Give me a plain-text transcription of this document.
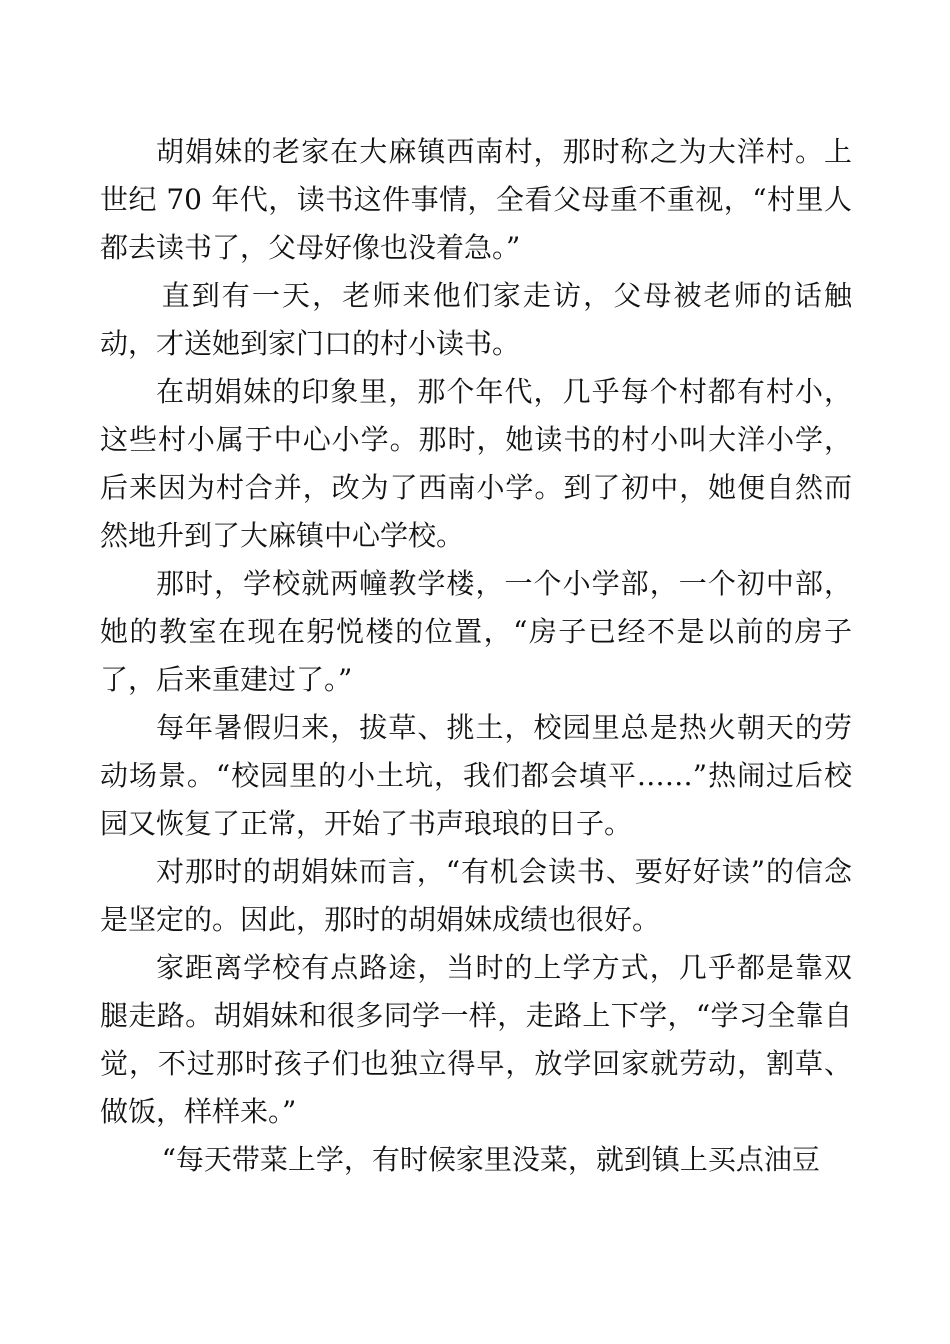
胡娟妹的老家在大麻镇西南村，那时称之为大洋村。上世纪 70 年代，读书这件事情，全看父母重不重视，“村里人都去读书了，父母好像也没着急。”

直到有一天，老师来他们家走访，父母被老师的话触动，才送她到家门口的村小读书。

在胡娟妹的印象里，那个年代，几乎每个村都有村小，这些村小属于中心小学。那时，她读书的村小叫大洋小学，后来因为村合并，改为了西南小学。到了初中，她便自然而然地升到了大麻镇中心学校。

那时，学校就两幢教学楼，一个小学部，一个初中部，她的教室在现在躬悦楼的位置，“房子已经不是以前的房子了，后来重建过了。”

每年暑假归来，拔草、挑土，校园里总是热火朝天的劳动场景。“校园里的小土坑，我们都会填平……”热闹过后校园又恢复了正常，开始了书声琅琅的日子。

对那时的胡娟妹而言，“有机会读书、要好好读”的信念是坚定的。因此，那时的胡娟妹成绩也很好。

家距离学校有点路途，当时的上学方式，几乎都是靠双腿走路。胡娟妹和很多同学一样，走路上下学，“学习全靠自觉，不过那时孩子们也独立得早，放学回家就劳动，割草、做饭，样样来。”

“每天带菜上学，有时候家里没菜，就到镇上买点油豆
